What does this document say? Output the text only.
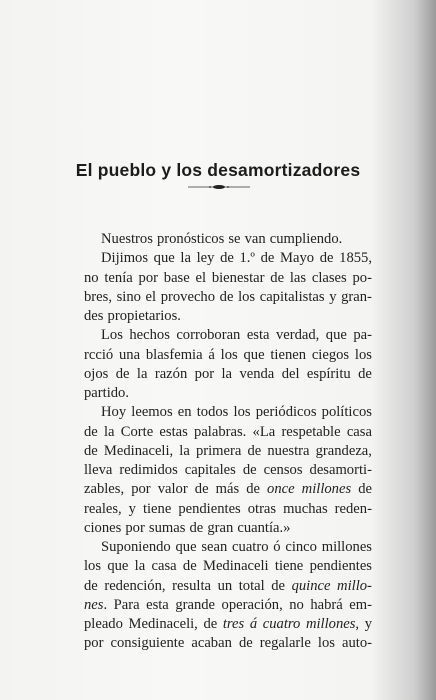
El pueblo y los desamortizadores
Nuestros pronósticos se van cumpliendo.
Dijimos que la ley de 1.º de Mayo de 1855,
no tenía por base el bienestar de las clases po-
bres, sino el provecho de los capitalistas y gran-
des propietarios.
Los hechos corroboran esta verdad, que pa-
rcció una blasfemia á los que tienen ciegos los
ojos de la razón por la venda del espíritu de
partido.
Hoy leemos en todos los periódicos políticos
de la Corte estas palabras. «La respetable casa
de Medinaceli, la primera de nuestra grandeza,
lleva redimidos capitales de censos desamorti-
zables, por valor de más de once millones de
reales, y tiene pendientes otras muchas reden-
ciones por sumas de gran cuantía.»
Suponiendo que sean cuatro ó cinco millones
los que la casa de Medinaceli tiene pendientes
de redención, resulta un total de quince millo-
nes. Para esta grande operación, no habrá em-
pleado Medinaceli, de tres á cuatro millones, y
por consiguiente acaban de regalarle los auto-
